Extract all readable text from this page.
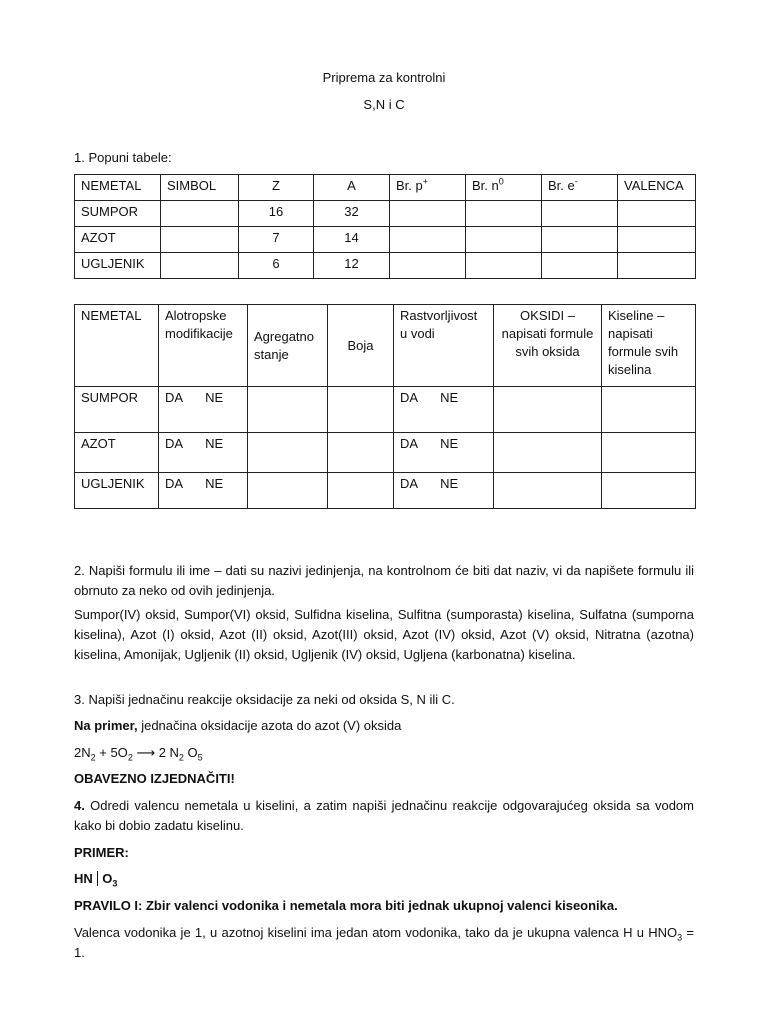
Priprema za kontrolni
S,N i C
1. Popuni tabele:
NEMETAL	SIMBOL	Z	A	Br. p+	Br. $n^0$	Br. e-	VALENCA
SUMPOR		16	32				
AZOT		7	14				
UGLJENIK		6	12				
NEMETAL	Alotropske modifikacije	Agregatno stanje	Boja	Rastvorljivost u vodi	OKSIDI – napisati formule svih oksida	Kiseline – napisati formule svih kiselina
SUMPOR	DA NE			DA NE		
AZOT	DA NE			DA NE		
UGLJENIK	DA NE			DA NE		
2. Napiši formulu ili ime – dati su nazivi jedinjenja, na kontrolnom će biti dat naziv, vi da napišete formulu ili obrnuto za neko od ovih jedinjenja.
Sumpor(IV) oksid, Sumpor(VI) oksid, Sulfidna kiselina, Sulfitna (sumporasta) kiselina, Sulfatna (sumporna kiselina), Azot (I) oksid, Azot (II) oksid, Azot(III) oksid, Azot (IV) oksid, Azot (V) oksid, Nitratna (azotna) kiselina, Amonijak, Ugljenik (II) oksid, Ugljenik (IV) oksid, Ugljena (karbonatna) kiselina.
3. Napiši jednačinu reakcije oksidacije za neki od oksida S, N ili C.
Na primer, jednačina oksidacije azota do azot (V) oksida
$2N_2 + 5O_2$ ⟶ 2 $N_2$ $O_5$
OBAVEZNO IZJEDNAČITI!
4. Odredi valencu nemetala u kiselini, a zatim napiši jednačinu reakcije odgovarajućeg oksida sa vodom kako bi dobio zadatu kiselinu.
PRIMER:
HN $O_3$
PRAVILO I: Zbir valenci vodonika i nemetala mora biti jednak ukupnoj valenci kiseonika.
Valenca vodonika je 1, u azotnoj kiselini ima jedan atom vodonika, tako da je ukupna valenca H u $HNO_3 = 1$.
